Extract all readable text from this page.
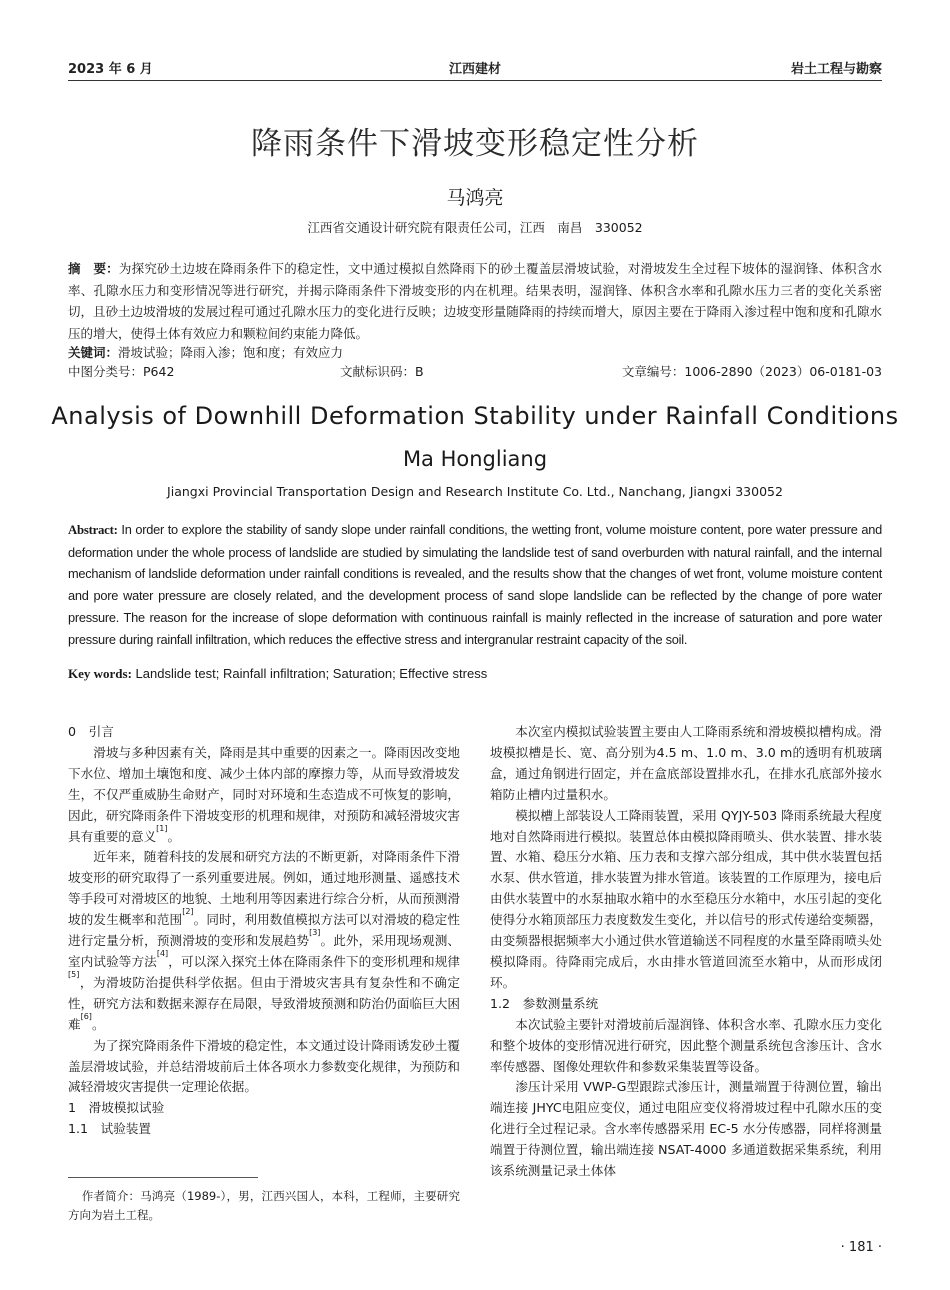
2023 年 6 月	江西建材	岩土工程与勘察
降雨条件下滑坡变形稳定性分析
马鸿亮
江西省交通设计研究院有限责任公司，江西　南昌　330052
摘　要：为探究砂土边坡在降雨条件下的稳定性，文中通过模拟自然降雨下的砂土覆盖层滑坡试验，对滑坡发生全过程下坡体的湿润锋、体积含水率、孔隙水压力和变形情况等进行研究，并揭示降雨条件下滑坡变形的内在机理。结果表明，湿润锋、体积含水率和孔隙水压力三者的变化关系密切，且砂土边坡滑坡的发展过程可通过孔隙水压力的变化进行反映；边坡变形量随降雨的持续而增大，原因主要在于降雨入渗过程中饱和度和孔隙水压的增大，使得土体有效应力和颗粒间约束能力降低。
关键词：滑坡试验；降雨入渗；饱和度；有效应力
中图分类号：P642	文献标识码：B	文章编号：1006-2890（2023）06-0181-03
Analysis of Downhill Deformation Stability under Rainfall Conditions
Ma Hongliang
Jiangxi Provincial Transportation Design and Research Institute Co. Ltd., Nanchang, Jiangxi 330052
Abstract: In order to explore the stability of sandy slope under rainfall conditions, the wetting front, volume moisture content, pore water pressure and deformation under the whole process of landslide are studied by simulating the landslide test of sand overburden with natural rainfall, and the internal mechanism of landslide deformation under rainfall conditions is revealed, and the results show that the changes of wet front, volume moisture content and pore water pressure are closely related, and the development process of sand slope landslide can be reflected by the change of pore water pressure. The reason for the increase of slope deformation with continuous rainfall is mainly reflected in the increase of saturation and pore water pressure during rainfall infiltration, which reduces the effective stress and intergranular restraint capacity of the soil.
Key words: Landslide test; Rainfall infiltration; Saturation; Effective stress

0　引言

滑坡与多种因素有关，降雨是其中重要的因素之一。降雨因改变地下水位、增加土壤饱和度、减少土体内部的摩擦力等，从而导致滑坡发生，不仅严重威胁生命财产，同时对环境和生态造成不可恢复的影响，因此，研究降雨条件下滑坡变形的机理和规律，对预防和减轻滑坡灾害具有重要的意义[1]。

近年来，随着科技的发展和研究方法的不断更新，对降雨条件下滑坡变形的研究取得了一系列重要进展。例如，通过地形测量、遥感技术等手段可对滑坡区的地貌、土地利用等因素进行综合分析，从而预测滑坡的发生概率和范围[2]。同时，利用数值模拟方法可以对滑坡的稳定性进行定量分析，预测滑坡的变形和发展趋势[3]。此外，采用现场观测、室内试验等方法[4]，可以深入探究土体在降雨条件下的变形机理和规律[5]，为滑坡防治提供科学依据。但由于滑坡灾害具有复杂性和不确定性，研究方法和数据来源存在局限，导致滑坡预测和防治仍面临巨大困难[6]。

为了探究降雨条件下滑坡的稳定性，本文通过设计降雨诱发砂土覆盖层滑坡试验，并总结滑坡前后土体各项水力参数变化规律，为预防和减轻滑坡灾害提供一定理论依据。

1　滑坡模拟试验

1.1　试验装置

作者简介：马鸿亮（1989-），男，江西兴国人，本科，工程师，主要研究方向为岩土工程。

本次室内模拟试验装置主要由人工降雨系统和滑坡模拟槽构成。滑坡模拟槽是长、宽、高分别为4.5 m、1.0 m、3.0 m的透明有机玻璃盒，通过角钢进行固定，并在盒底部设置排水孔，在排水孔底部外接水箱防止槽内过量积水。

模拟槽上部装设人工降雨装置，采用 QYJY-503 降雨系统最大程度地对自然降雨进行模拟。装置总体由模拟降雨喷头、供水装置、排水装置、水箱、稳压分水箱、压力表和支撑六部分组成，其中供水装置包括水泵、供水管道，排水装置为排水管道。该装置的工作原理为，接电后由供水装置中的水泵抽取水箱中的水至稳压分水箱中，水压引起的变化使得分水箱顶部压力表度数发生变化，并以信号的形式传递给变频器，由变频器根据频率大小通过供水管道输送不同程度的水量至降雨喷头处模拟降雨。待降雨完成后，水由排水管道回流至水箱中，从而形成闭环。

1.2　参数测量系统

本次试验主要针对滑坡前后湿润锋、体积含水率、孔隙水压力变化和整个坡体的变形情况进行研究，因此整个测量系统包含渗压计、含水率传感器、图像处理软件和参数采集装置等设备。

渗压计采用 VWP-G型跟踪式渗压计，测量端置于待测位置，输出端连接 JHYC电阻应变仪，通过电阻应变仪将滑坡过程中孔隙水压的变化进行全过程记录。含水率传感器采用 EC-5 水分传感器，同样将测量端置于待测位置，输出端连接 NSAT-4000 多通道数据采集系统，利用该系统测量记录土体体

· 181 ·
